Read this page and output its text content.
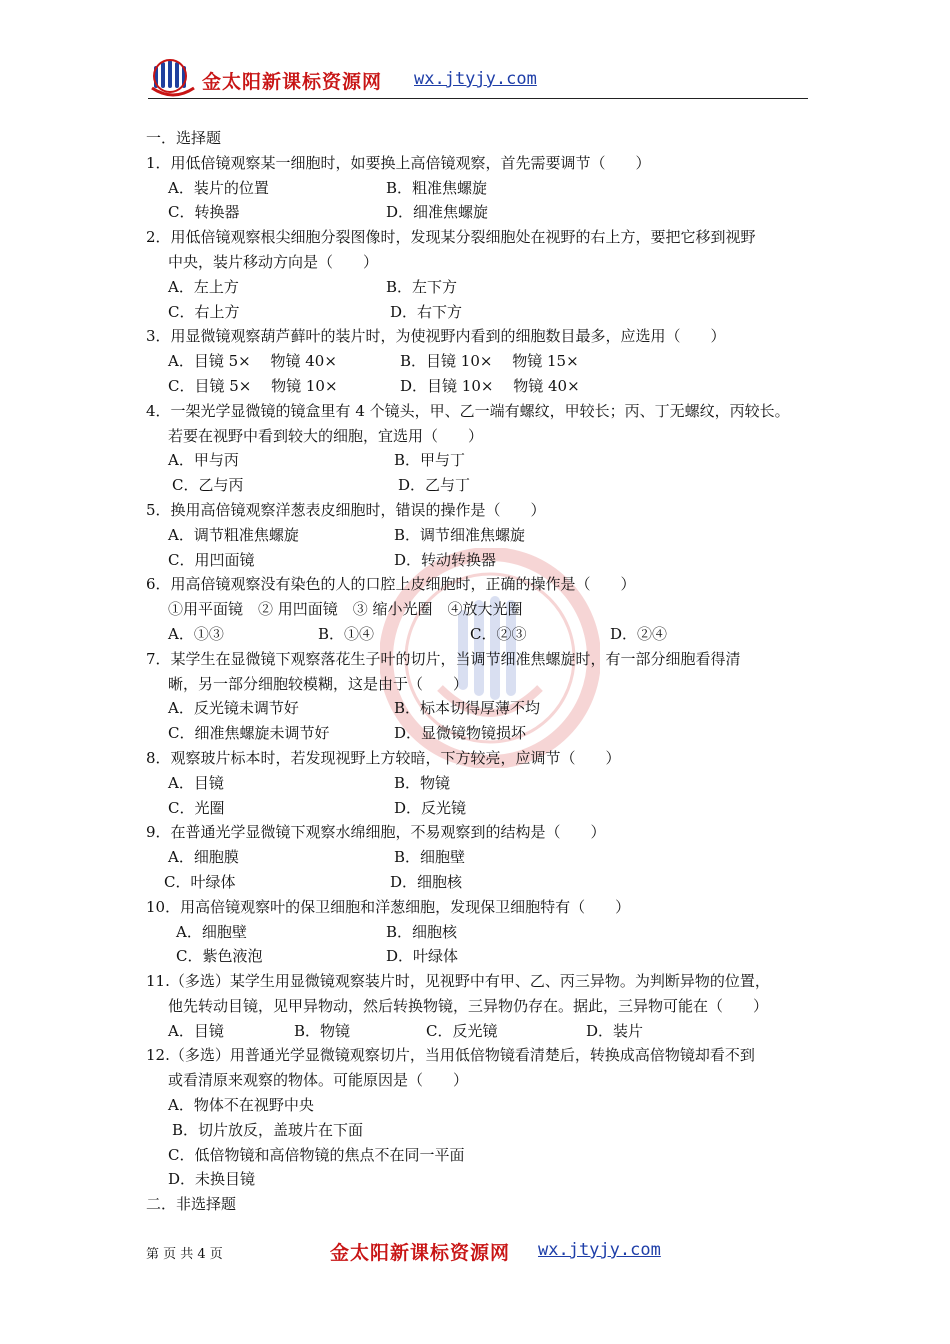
金太阳新课标资源网 wx.jtyjy.com
一．选择题
1．用低倍镜观察某一细胞时，如要换上高倍镜观察，首先需要调节（　　）
A．装片的位置	B．粗准焦螺旋
C．转换器	D．细准焦螺旋
2．用低倍镜观察根尖细胞分裂图像时，发现某分裂细胞处在视野的右上方，要把它移到视野
中央，装片移动方向是（　　）
A．左上方	B．左下方
C．右上方	D．右下方
3．用显微镜观察葫芦藓叶的装片时，为使视野内看到的细胞数目最多，应选用（　　）
A．目镜 5×　 物镜 40×	B．目镜 10×　 物镜 15×
C．目镜 5×　 物镜 10×	D．目镜 10×　 物镜 40×
4．一架光学显微镜的镜盒里有 4 个镜头，甲、乙一端有螺纹，甲较长；丙、丁无螺纹，丙较长。
若要在视野中看到较大的细胞，宜选用（　　）
A．甲与丙	B．甲与丁
C．乙与丙	D．乙与丁
5．换用高倍镜观察洋葱表皮细胞时，错误的操作是（　　）
A．调节粗准焦螺旋	B．调节细准焦螺旋
C．用凹面镜	D．转动转换器
6．用高倍镜观察没有染色的人的口腔上皮细胞时，正确的操作是（　　）
①用平面镜　② 用凹面镜　③ 缩小光圈　④放大光圈
A．①③	B．①④	C．②③	D．②④
7．某学生在显微镜下观察落花生子叶的切片，当调节细准焦螺旋时，有一部分细胞看得清
晰，另一部分细胞较模糊，这是由于（　　）
A．反光镜未调节好	B．标本切得厚薄不均
C．细准焦螺旋未调节好	D．显微镜物镜损坏
8．观察玻片标本时，若发现视野上方较暗，下方较亮，应调节（　　）
A．目镜	B．物镜
C．光圈	D．反光镜
9．在普通光学显微镜下观察水绵细胞，不易观察到的结构是（　　）
A．细胞膜	B．细胞壁
C．叶绿体	D．细胞核
10．用高倍镜观察叶的保卫细胞和洋葱细胞，发现保卫细胞特有（　　）
A．细胞壁	B．细胞核
C．紫色液泡	D．叶绿体
11.（多选）某学生用显微镜观察装片时，见视野中有甲、乙、丙三异物。为判断异物的位置，
他先转动目镜，见甲异物动，然后转换物镜，三异物仍存在。据此，三异物可能在（　　）
A．目镜	B．物镜	C．反光镜	D．装片
12.（多选）用普通光学显微镜观察切片，当用低倍物镜看清楚后，转换成高倍物镜却看不到
或看清原来观察的物体。可能原因是（　　）
A．物体不在视野中央
B．切片放反，盖玻片在下面
C．低倍物镜和高倍物镜的焦点不在同一平面
D．未换目镜
二．非选择题
第 页 共 4 页	金太阳新课标资源网 wx.jtyjy.com
